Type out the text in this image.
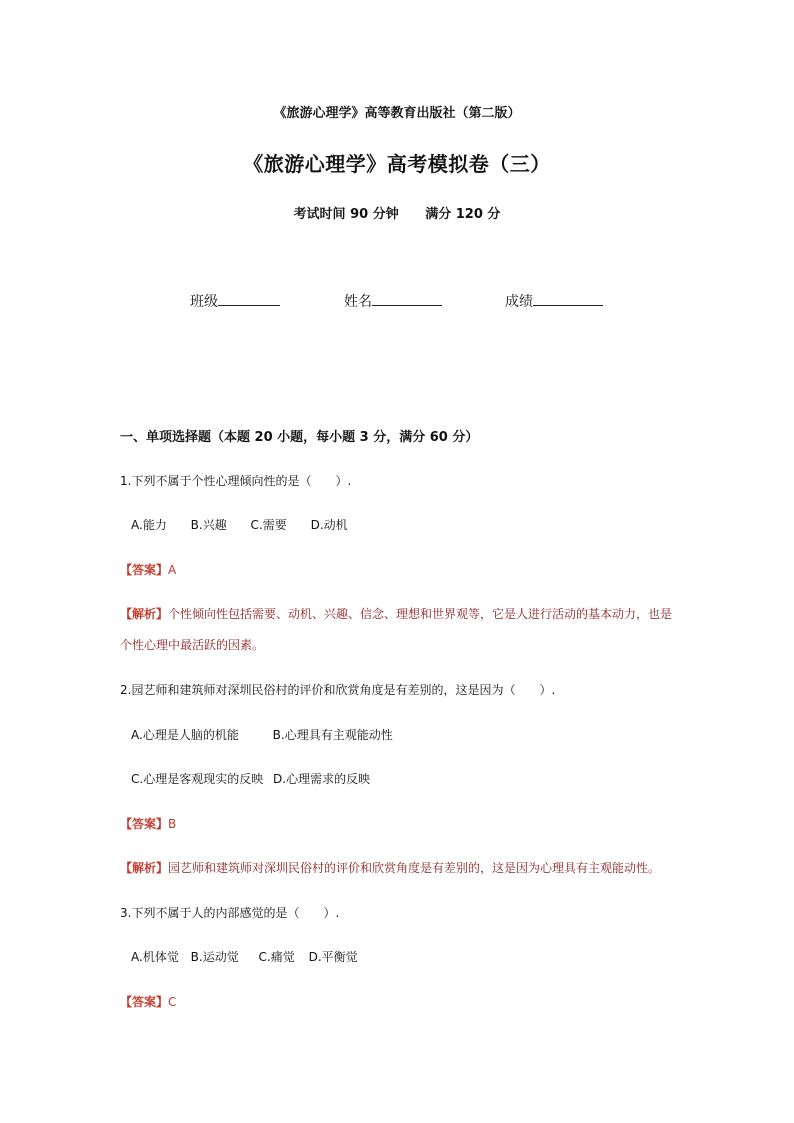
《旅游心理学》高等教育出版社（第二版）
《旅游心理学》高考模拟卷（三）
考试时间 90 分钟 满分 120 分
班级	姓名	成绩
一、单项选择题（本题 20 小题，每小题 3 分，满分 60 分）
1.下列不属于个性心理倾向性的是（　　）.
A.能力 B.兴趣 C.需要 D.动机
【答案】A
【解析】个性倾向性包括需要、动机、兴趣、信念、理想和世界观等，它是人进行活动的基本动力，也是
个性心理中最活跃的因素。
2.园艺师和建筑师对深圳民俗村的评价和欣赏角度是有差别的，这是因为（　　）.
A.心理是人脑的机能	B.心理具有主观能动性
C.心理是客观现实的反映 D.心理需求的反映
【答案】B
【解析】园艺师和建筑师对深圳民俗村的评价和欣赏角度是有差别的，这是因为心理具有主观能动性。
3.下列不属于人的内部感觉的是（　　）.
A.机体觉 B.运动觉 C.痛觉 D.平衡觉
【答案】C
